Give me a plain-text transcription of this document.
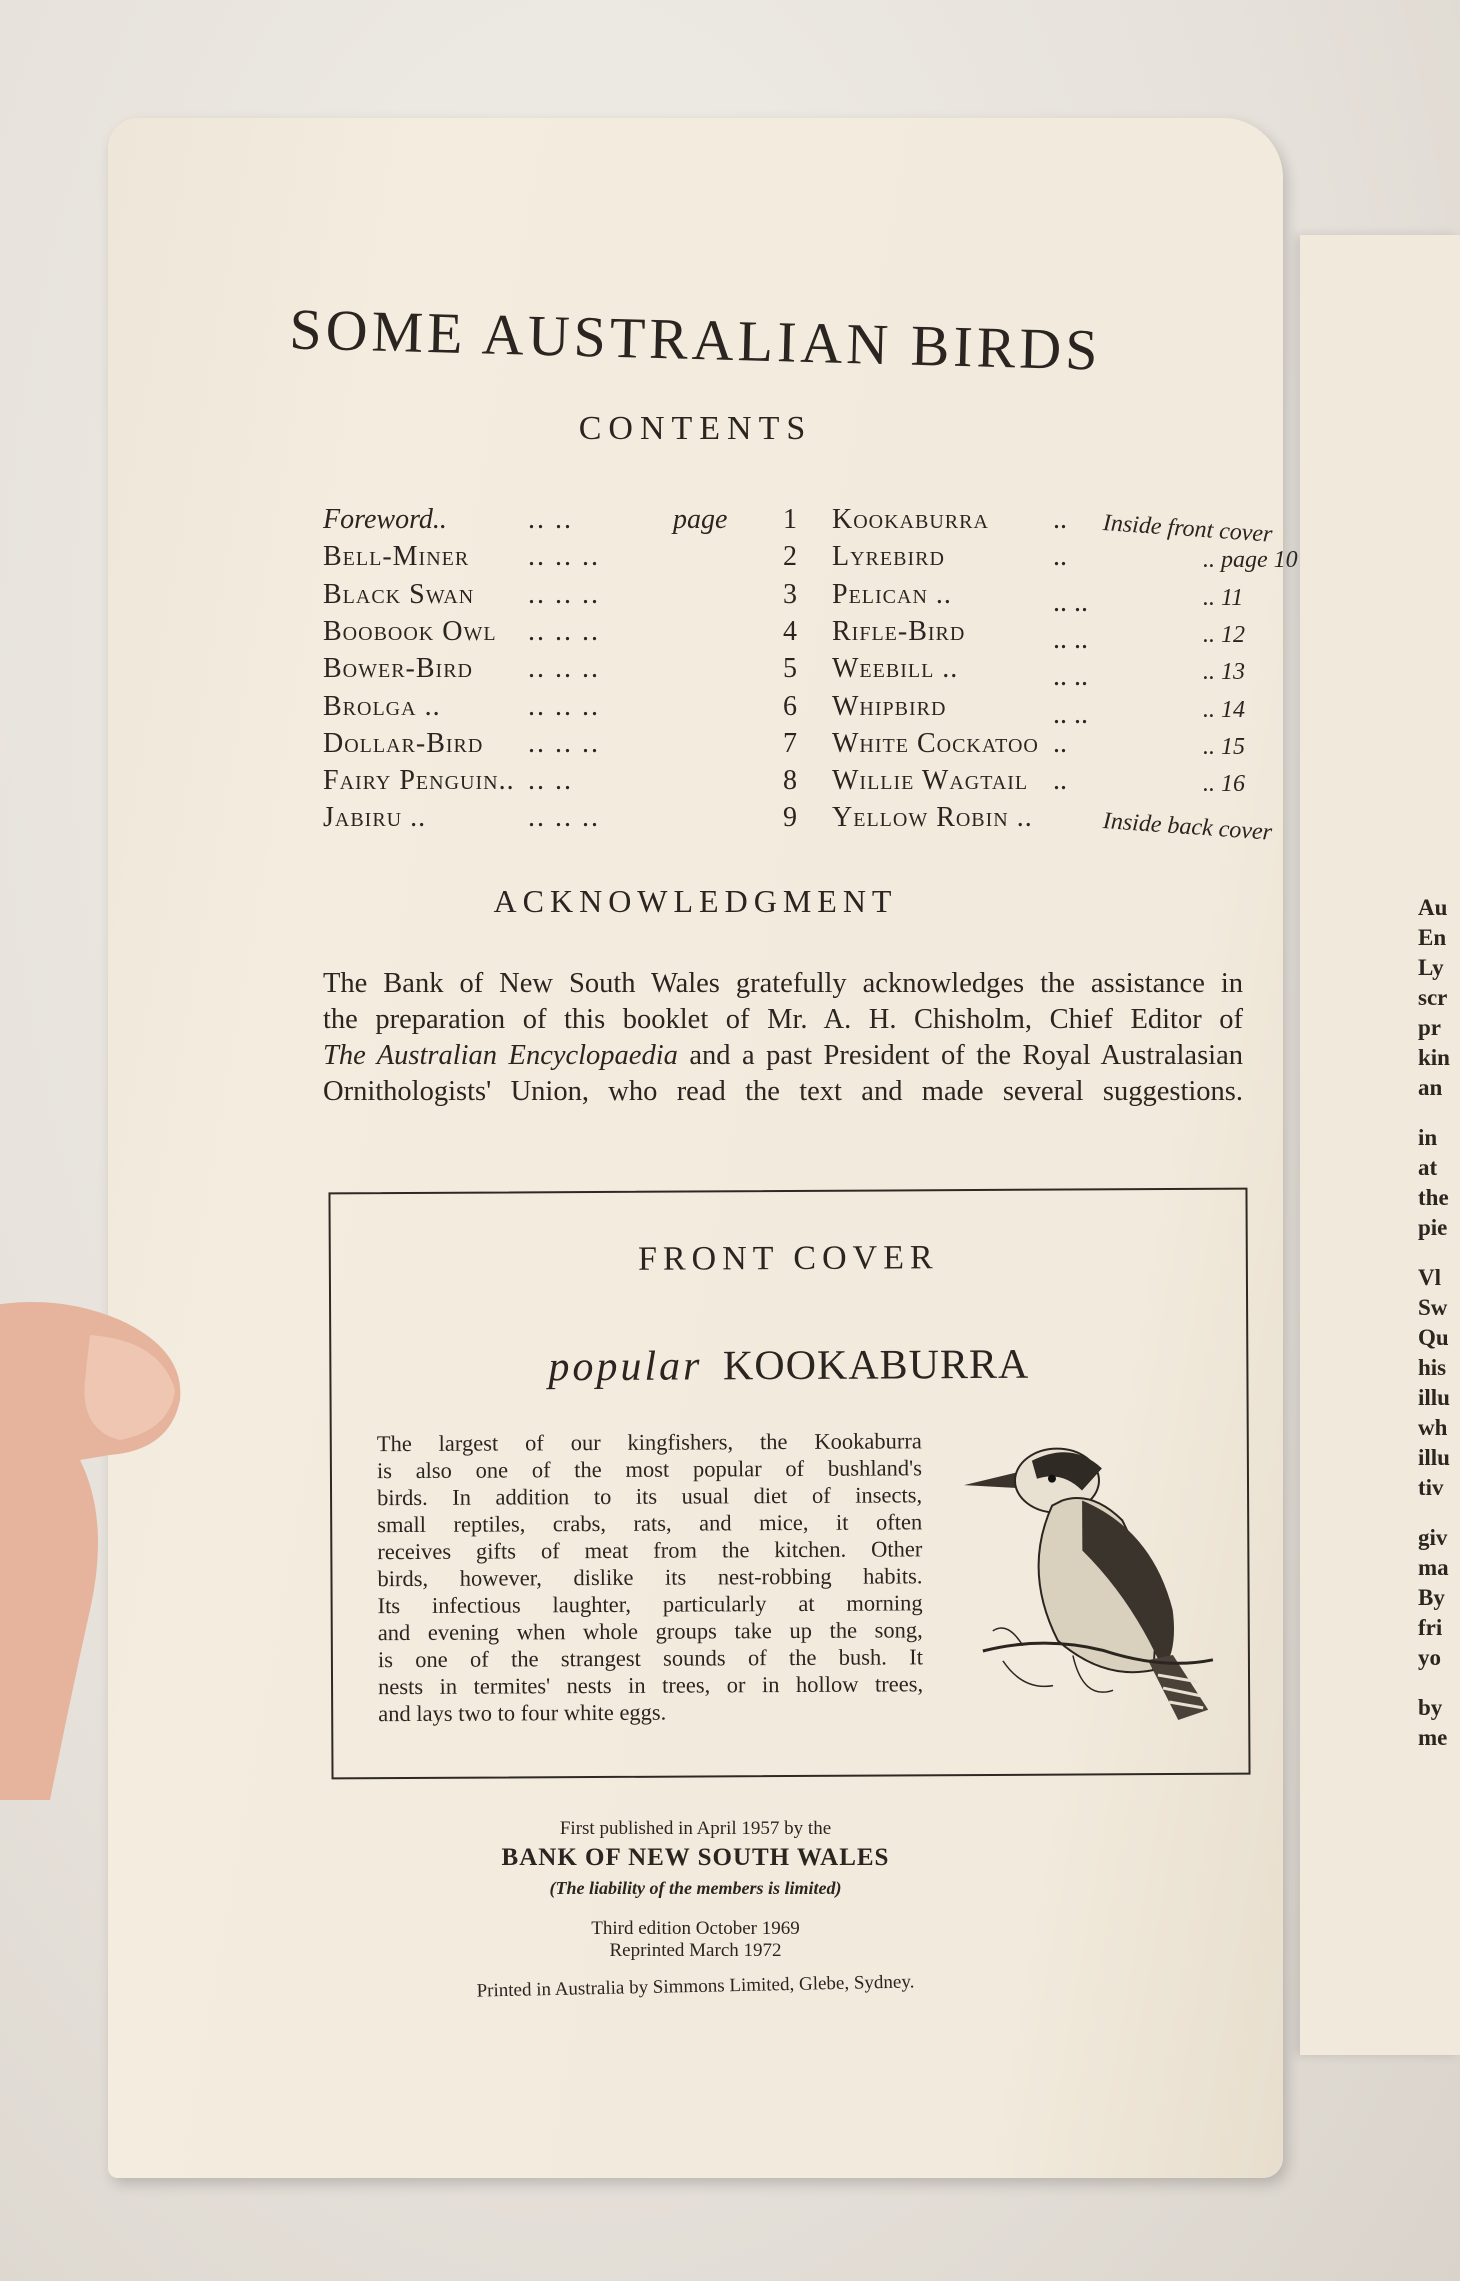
Au
En
Ly
scr
pr
kin
an
in
at
the
pie
Vl
Sw
Qu
his
illu
wh
illu
tiv
giv
ma
By
fri
yo
by
me
SOME AUSTRALIAN BIRDS
CONTENTS
Foreword..	.. ..	page 1 Kookaburra .. Inside front cover
Bell-Miner .. .. ..	2 Lyrebird	..	.. page 10
Black Swan .. .. ..	3 Pelican ..	.. ..	.. 11
Boobook Owl .. .. ..	4 Rifle-Bird	.. ..	.. 12
Bower-Bird .. .. ..	5 Weebill ..	.. ..	.. 13
Brolga ..	.. .. ..	6 Whipbird	.. ..	.. 14
Dollar-Bird .. .. ..	7 White Cockatoo ..	.. 15
Fairy Penguin.. .. ..	8 Willie Wagtail ..	.. 16
Jabiru ..	.. .. ..	9 Yellow Robin ..	Inside back cover
ACKNOWLEDGMENT
The Bank of New South Wales gratefully acknowledges the assistance in
the preparation of this booklet of Mr. A. H. Chisholm, Chief Editor of
The Australian Encyclopaedia and a past President of the Royal Australasian
Ornithologists' Union, who read the text and made several suggestions.
FRONT COVER
popular KOOKABURRA
The largest of our kingfishers, the Kookaburra
is also one of the most popular of bushland's
birds. In addition to its usual diet of insects,
small reptiles, crabs, rats, and mice, it often
receives gifts of meat from the kitchen. Other
birds, however, dislike its nest-robbing habits.
Its infectious laughter, particularly at morning
and evening when whole groups take up the song,
is one of the strangest sounds of the bush. It
nests in termites' nests in trees, or in hollow trees,
and lays two to four white eggs.
First published in April 1957 by the
BANK OF NEW SOUTH WALES
(The liability of the members is limited)
Third edition October 1969
Reprinted March 1972
Printed in Australia by Simmons Limited, Glebe, Sydney.
